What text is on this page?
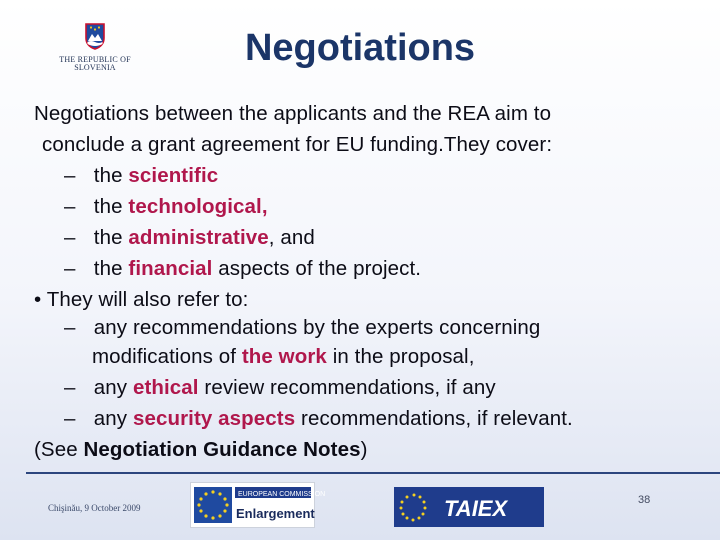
THE REPUBLIC OF
SLOVENIA	Negotiations
Negotiations between the applicants and the REA aim to
conclude a grant agreement for EU funding.They cover:
– the scientific
– the technological,
– the administrative, and
– the financial aspects of the project.
• They will also refer to:
– any recommendations by the experts concerning
modifications of the work in the proposal,
– any ethical review recommendations, if any
– any security aspects recommendations, if relevant.
(See Negotiation Guidance Notes)
Chişinău, 9 October 2009
EUROPEAN COMMISSION
Enlargement	TAIEX	38
